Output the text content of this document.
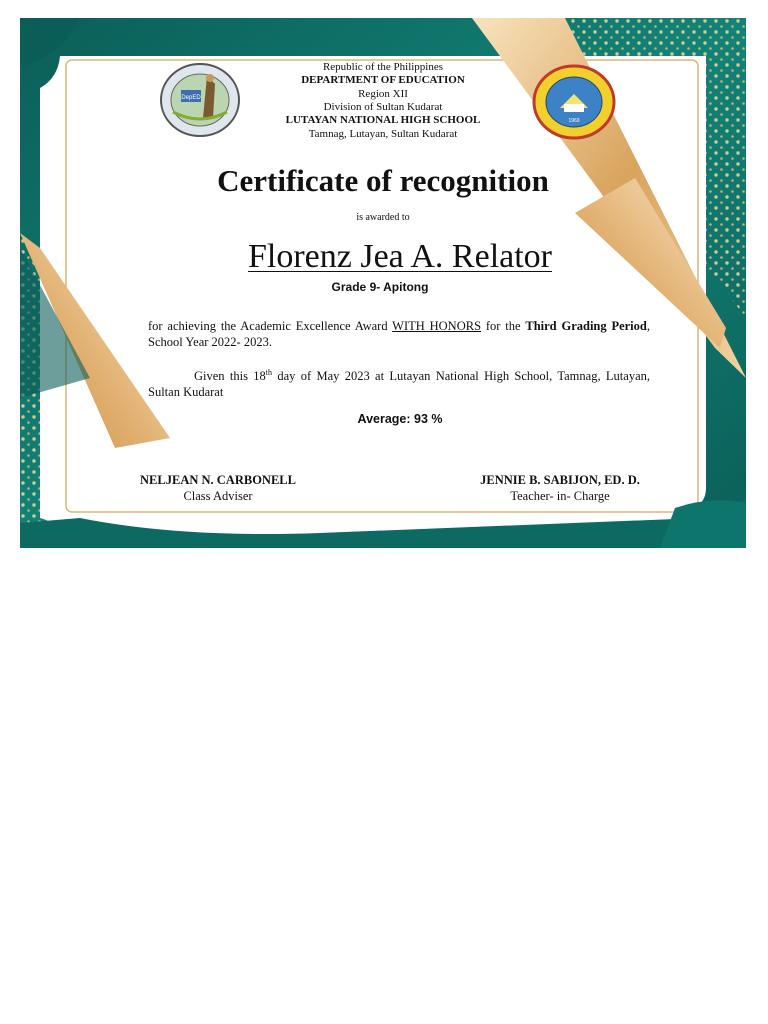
DepED
1969

Republic of the Philippines

DEPARTMENT OF EDUCATION

Region XII

Division of Sultan Kudarat

LUTAYAN NATIONAL HIGH SCHOOL

Tamnag, Lutayan, Sultan Kudarat

Certificate of recognition

is awarded to

Florenz Jea A. Relator

Grade 9- Apitong

for achieving the Academic Excellence Award WITH HONORS for the Third Grading Period, School Year 2022- 2023.

Given this 18th day of May 2023 at Lutayan National High School, Tamnag, Lutayan, Sultan Kudarat

Average: 93 %

NELJEAN N. CARBONELL

Class Adviser

JENNIE B. SABIJON, ED. D.

Teacher- in- Charge
